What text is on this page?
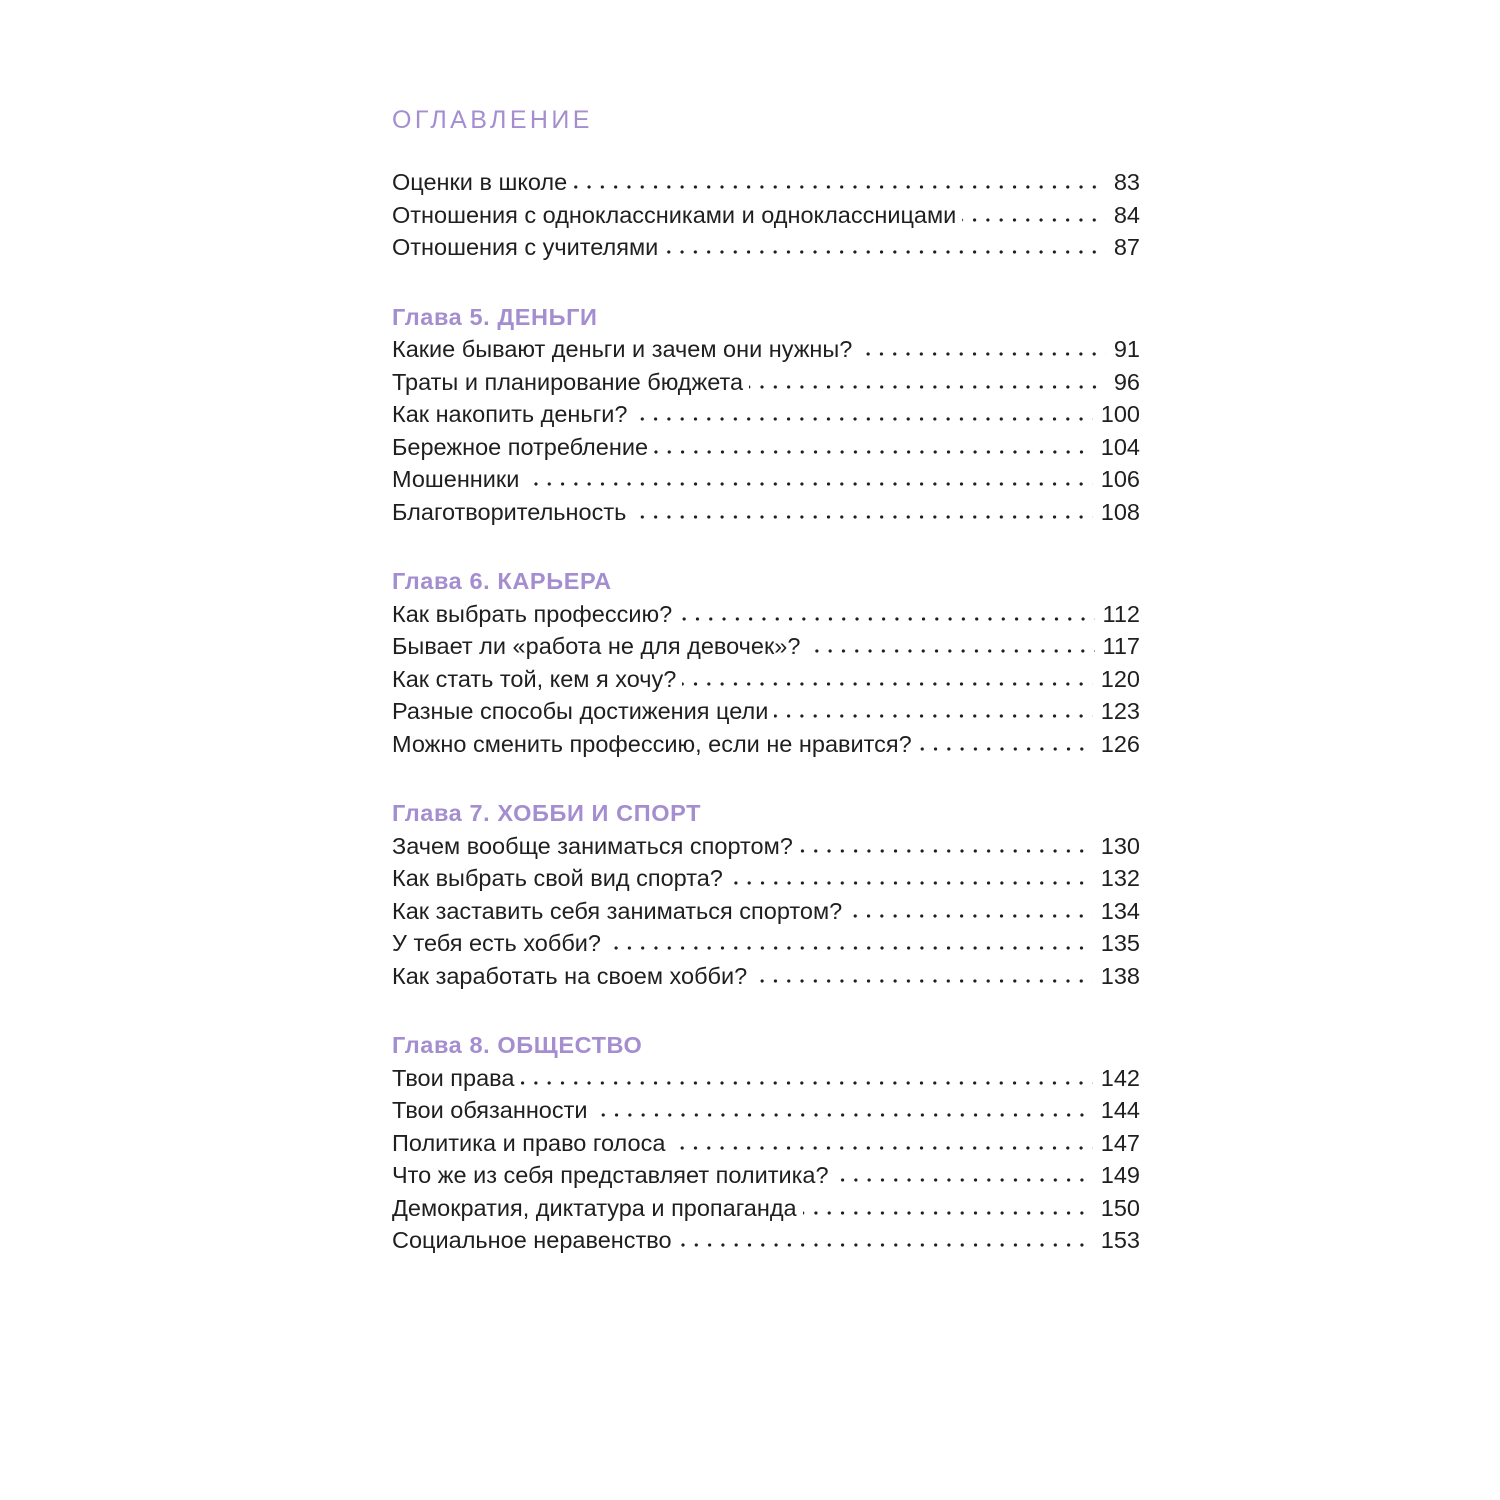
ОГЛАВЛЕНИЕ
Оценки в школе	83
Отношения с одноклассниками и одноклассницами	84
Отношения с учителями	87
Глава 5. ДЕНЬГИ
Какие бывают деньги и зачем они нужны?	91
Траты и планирование бюджета	96
Как накопить деньги?	100
Бережное потребление	104
Мошенники	106
Благотворительность	108
Глава 6. КАРЬЕРА
Как выбрать профессию?	112
Бывает ли «работа не для девочек»?	117
Как стать той, кем я хочу?	120
Разные способы достижения цели	123
Можно сменить профессию, если не нравится?	126
Глава 7. ХОББИ И СПОРТ
Зачем вообще заниматься спортом?	130
Как выбрать свой вид спорта?	132
Как заставить себя заниматься спортом?	134
У тебя есть хобби?	135
Как заработать на своем хобби?	138
Глава 8. ОБЩЕСТВО
Твои права	142
Твои обязанности	144
Политика и право голоса	147
Что же из себя представляет политика?	149
Демократия, диктатура и пропаганда	150
Социальное неравенство	153
